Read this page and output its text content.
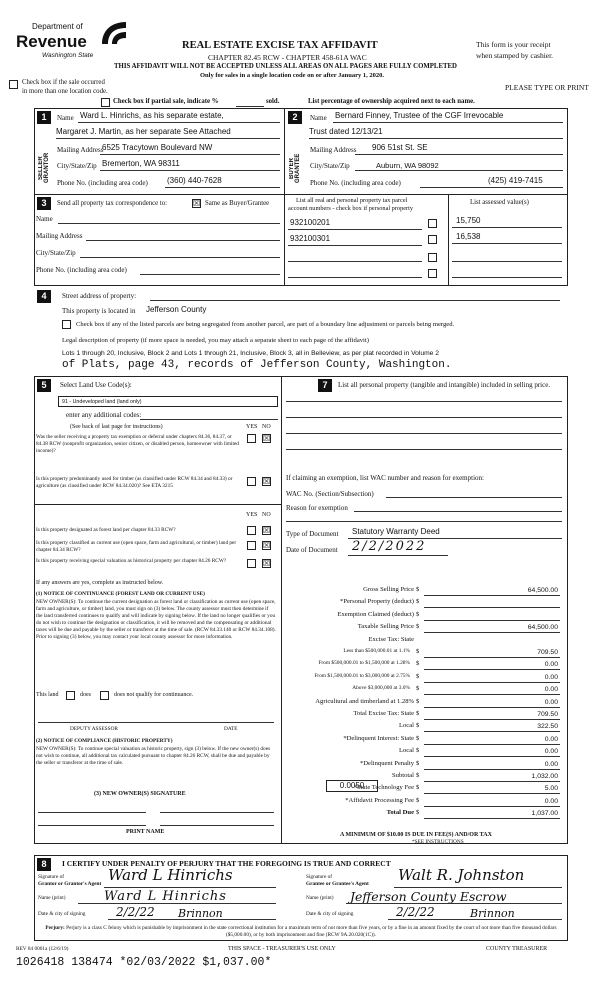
Department of
Revenue
Washington State
REAL ESTATE EXCISE TAX AFFIDAVIT
CHAPTER 82.45 RCW - CHAPTER 458-61A WAC
THIS AFFIDAVIT WILL NOT BE ACCEPTED UNLESS ALL AREAS ON ALL PAGES ARE FULLY COMPLETED
Only for sales in a single location code on or after January 1, 2020.
This form is your receipt
when stamped by cashier.
PLEASE TYPE OR PRINT
Check box if the sale occurred
in more than one location code.
Check box if partial sale, indicate %	sold.	List percentage of ownership acquired next to each name.
1
SELLER GRANTOR
Name Ward L. Hinrichs, as his separate estate,
Margaret J. Martin, as her separate See Attached
Mailing Address
6525 Tracytown Boulevard NW
City/State/Zip Bremerton, WA 98311
Phone No. (including area code) (360) 440-7628
2
BUYER GRANTEE
Name Bernard Finney, Trustee of the CGF Irrevocable
Trust dated 12/13/21
Mailing Address 906 51st St. SE
City/State/Zip	Auburn, WA 98092
Phone No. (including area code)	(425) 419-7415
3	Send all property tax correspondence to:	☒ Same as Buyer/Grantee
Name
Mailing Address
City/State/Zip
Phone No. (including area code)
List all real and personal property tax parcel
account numbers - check box if personal property
List assessed value(s)
932100201	15,750
932100301	16,538
4	Street address of property:
This property is located in Jefferson County
Check box if any of the listed parcels are being segregated from another parcel, are part of a boundary line adjustment or parcels being merged.
Legal description of property (if more space is needed, you may attach a separate sheet to each page of the affidavit)
Lots 1 through 20, Inclusive, Block 2 and Lots 1 through 21, Inclusive, Block 3, all in Belleview, as per plat recorded in Volume 2
of Plats, page 43, records of Jefferson County, Washington.
5	Select Land Use Code(s):
91 - Undeveloped land (land only)
enter any additional codes:
(See back of last page for instructions)	YES NO
Was the seller receiving a property tax exemption or deferral under chapters 84.36, 84.37, or 84.38 RCW (nonprofit organization, senior citizen, or disabled person, homeowner with limited income)?
☒
Is this property predominantly used for timber (as classified under RCW 84.34 and 84.33) or agriculture (as classified under RCW 84.34.020)? See ETA 3215	☒
YES NO
Is this property designated as forest land per chapter 84.33 RCW?	☒
Is this property classified as current use (open space, farm and agricultural, or timber) land per chapter 84.34 RCW?	☒
Is this property receiving special valuation as historical property per chapter 84.26 RCW?	☒
If any answers are yes, complete as instructed below.
(1) NOTICE OF CONTINUANCE (FOREST LAND OR CURRENT USE)
NEW OWNER(S): To continue the current designation as forest land or classification as current use (open space, farm and agriculture, or timber) land, you must sign on (3) below. The county assessor must then determine if the land transferred continues to qualify and will indicate by signing below. If the land no longer qualifies or you do not wish to continue the designation or classification, it will be removed and the compensating or additional taxes will be due and payable by the seller or transferor at the time of sale. (RCW 84.33.140 or RCW 84.34.108). Prior to signing (3) below, you may contact your local county assessor for more information.
This land	does	does not qualify for continuance.
DEPUTY ASSESSOR	DATE
(2) NOTICE OF COMPLIANCE (HISTORIC PROPERTY)
NEW OWNER(S): To continue special valuation as historic property, sign (3) below. If the new owner(s) does not wish to continue, all additional tax calculated pursuant to chapter 84.26 RCW, shall be due and payable by the seller or transferor at the time of sale.
(3) NEW OWNER(S) SIGNATURE
PRINT NAME
7	List all personal property (tangible and intangible) included in selling price.
If claiming an exemption, list WAC number and reason for exemption:
WAC No. (Section/Subsection)
Reason for exemption
Type of Document Statutory Warranty Deed
Date of Document 2/2/2022
Gross Selling Price $	64,500.00
*Personal Property (deduct) $
Exemption Claimed (deduct) $
Taxable Selling Price $	64,500.00
Excise Tax: State
Less than $500,000.01 at 1.1% $	709.50
From $500,000.01 to $1,500,000 at 1.28% $	0.00
From $1,500,000.01 to $3,000,000 at 2.75% $	0.00
Above $3,000,000 at 3.0% $	0.00
Agricultural and timberland at 1.28% $	0.00
Total Excise Tax: State $	709.50
Local $	322.50
*Delinquent Interest: State $	0.00
Local $	0.00
*Delinquent Penalty $	0.00
Subtotal $	1,032.00
*State Technology Fee $	5.00
*Affidavit Processing Fee $	0.00
Total Due $	1,037.00
0.0050
A MINIMUM OF $10.00 IS DUE IN FEE(S) AND/OR TAX
*SEE INSTRUCTIONS
8	I CERTIFY UNDER PENALTY OF PERJURY THAT THE FOREGOING IS TRUE AND CORRECT
Signature of
Grantor or Grantor's Agent Ward L Hinrichs
Name (print)	Ward L Hinrichs
Date & city of signing	2/2/22 Brinnon
Signature of
Grantee or Grantee's Agent Walt R. Johnston
Name (print) Jefferson County Escrow
Date & city of signing	2/2/22	Brinnon
Perjury: Perjury is a class C felony which is punishable by imprisonment in the state correctional institution for a maximum term of not more than five years, or by a fine in an amount fixed by the court of not more than five thousand dollars ($5,000.00), or by both imprisonment and fine (RCW 9A.20.020(1C)).
REV 84 0001a (12/6/19)	THIS SPACE - TREASURER'S USE ONLY	COUNTY TREASURER
1026418 138474 *02/03/2022 $1,037.00*
